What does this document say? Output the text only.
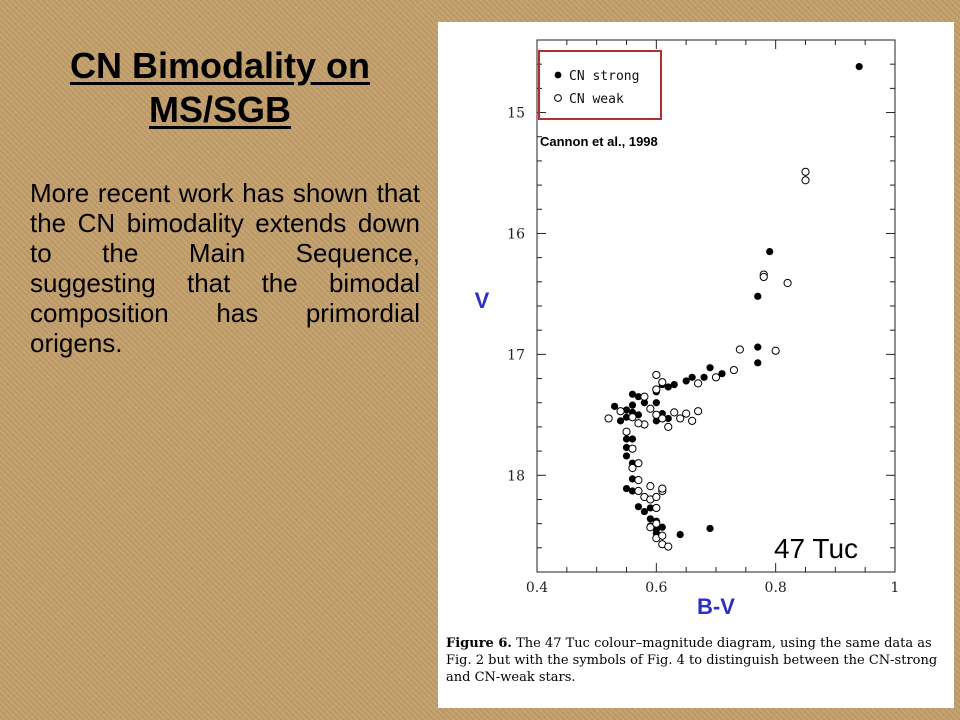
CN Bimodality on
MS/SGB
More recent work has shown that the CN bimodality extends down to the Main Sequence, suggesting that the bimodal composition has primordial origens.
0.4	0.6	0.8	1
15
16
17
18
CN strong
CN weak
Cannon et al., 1998
V
B-V
47 Tuc
Figure 6. The 47 Tuc colour–magnitude diagram, using the same data as Fig. 2 but with the symbols of Fig. 4 to distinguish between the CN-strong and CN-weak stars.
